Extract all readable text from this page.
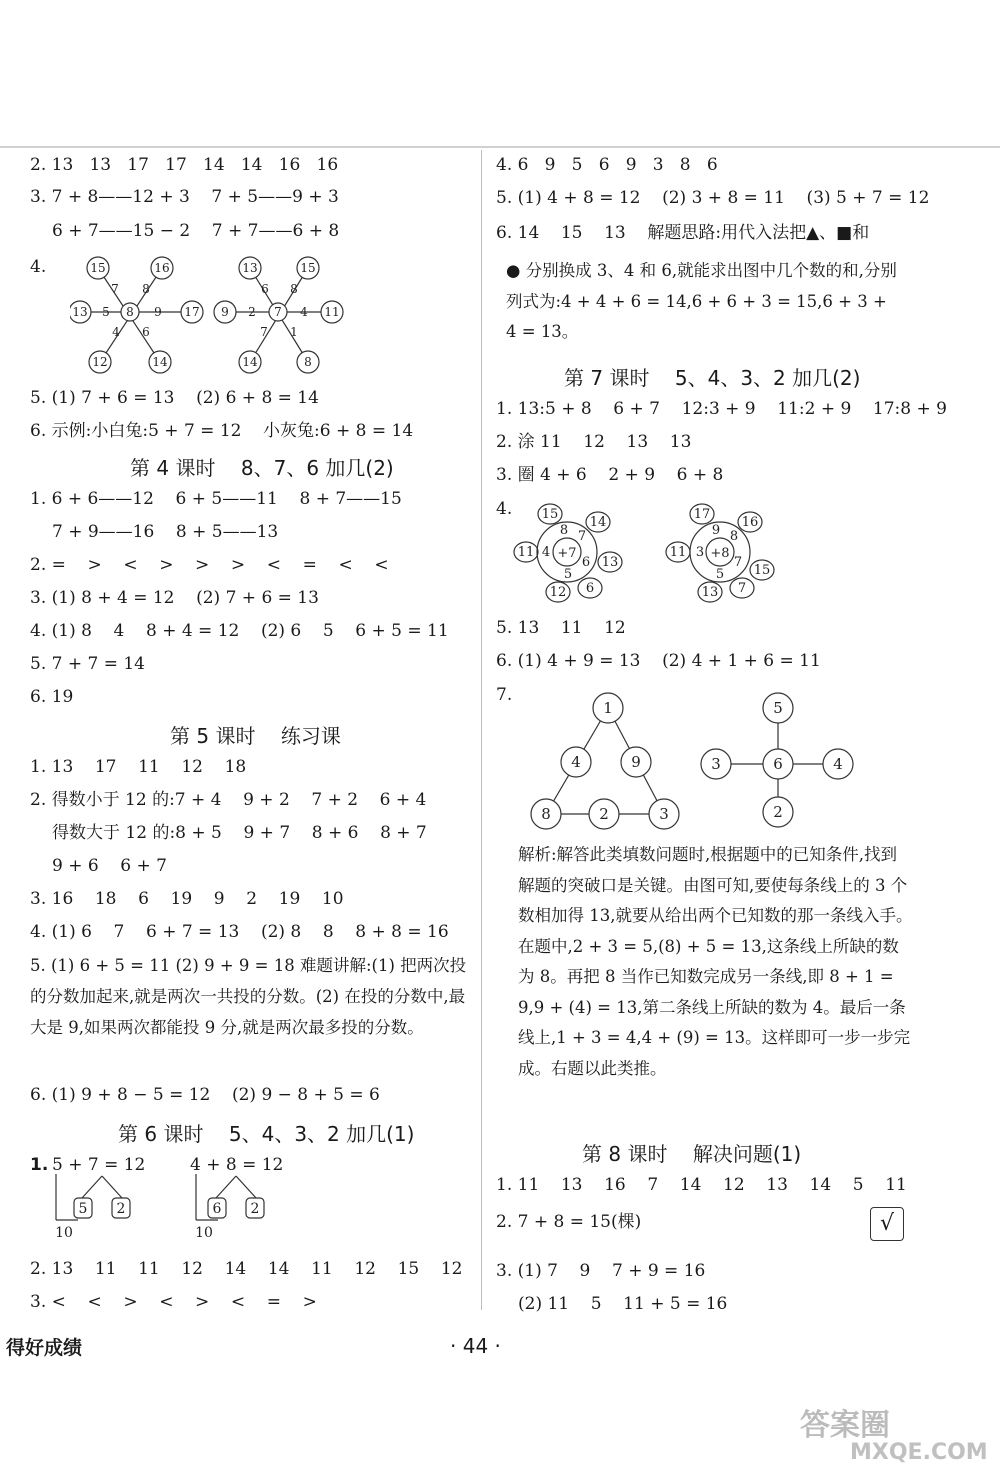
2. 13   13   17   17   14   14   16   16
3. 7 + 8——12 + 3    7 + 5——9 + 3
6 + 7——15 − 2    7 + 7——6 + 8
4.	15	16
13	17
12	14
8
7 8
5	9
4 6
13	15
9	11
14	8
7
6 8
2	4
7 1
5. (1) 7 + 6 = 13    (2) 6 + 8 = 14
6. 示例:小白兔:5 + 7 = 12    小灰兔:6 + 8 = 14
第 4 课时    8、7、6 加几(2)
1. 6 + 6——12    6 + 5——11    8 + 7——15
7 + 9——16    8 + 5——13
2. =    >    <    >    >    >    <    =    <    <
3. (1) 8 + 4 = 12    (2) 7 + 6 = 13
4. (1) 8    4    8 + 4 = 12    (2) 6    5    6 + 5 = 11
5. 7 + 7 = 14
6. 19
第 5 课时    练习课
1. 13    17    11    12    18
2. 得数小于 12 的:7 + 4    9 + 2    7 + 2    6 + 4
得数大于 12 的:8 + 5    9 + 7    8 + 6    8 + 7
9 + 6    6 + 7
3. 16    18    6    19    9    2    19    10
4. (1) 6    7    6 + 7 = 13    (2) 8    8    8 + 8 = 16
5. (1) 6 + 5 = 11 (2) 9 + 9 = 18 难题讲解:(1) 把两次投的分数加起来,就是两次一共投的分数。(2) 在投的分数中,最大是 9,如果两次都能投 9 分,就是两次最多投的分数。
6. (1) 9 + 8 − 5 = 12    (2) 9 − 8 + 5 = 6
第 6 课时    5、4、3、2 加几(1)
1. 5 + 7 = 12	4 + 8 = 12
5 2	6 2
10	10
2. 13    11    11    12    14    14    11    12    15    12
3. <    <    >    <    >    <    =    >
4. 6   9   5   6   9   3   8   6
5. (1) 4 + 8 = 12    (2) 3 + 8 = 11    (3) 5 + 7 = 12
6. 14    15    13    解题思路:用代入法把▲、■和
● 分别换成 3、4 和 6,就能求出图中几个数的和,分别列式为:4 + 4 + 6 = 14,6 + 6 + 3 = 15,6 + 3 + 4 = 13。
第 7 课时    5、4、3、2 加几(2)
1. 13:5 + 8    6 + 7    12:3 + 9    11:2 + 9    17:8 + 9
2. 涂 11    12    13    13
3. 圈 4 + 6    2 + 9    6 + 8
4. 15
14
11
13
12 6
+7
8 7
4
5
6
17
16
11
15
13 7
+8
9 8
3
5
7
5. 13    11    12
6. (1) 4 + 9 = 13    (2) 4 + 1 + 6 = 11
7.
1
4	9
8	2	3
5
3	6	4
2
解析:解答此类填数问题时,根据题中的已知条件,找到解题的突破口是关键。由图可知,要使每条线上的 3 个数相加得 13,就要从给出两个已知数的那一条线入手。在题中,2 + 3 = 5,(8) + 5 = 13,这条线上所缺的数为 8。再把 8 当作已知数完成另一条线,即 8 + 1 = 9,9 + (4) = 13,第二条线上所缺的数为 4。最后一条线上,1 + 3 = 4,4 + (9) = 13。这样即可一步一步完成。右题以此类推。
第 8 课时    解决问题(1)
1. 11    13    16    7    14    12    13    14    5    11
2. 7 + 8 = 15(棵)
3. (1) 7    9    7 + 9 = 16
(2) 11    5    11 + 5 = 16
√
得好成绩	· 44 ·
答案圈
MXQE.COM
